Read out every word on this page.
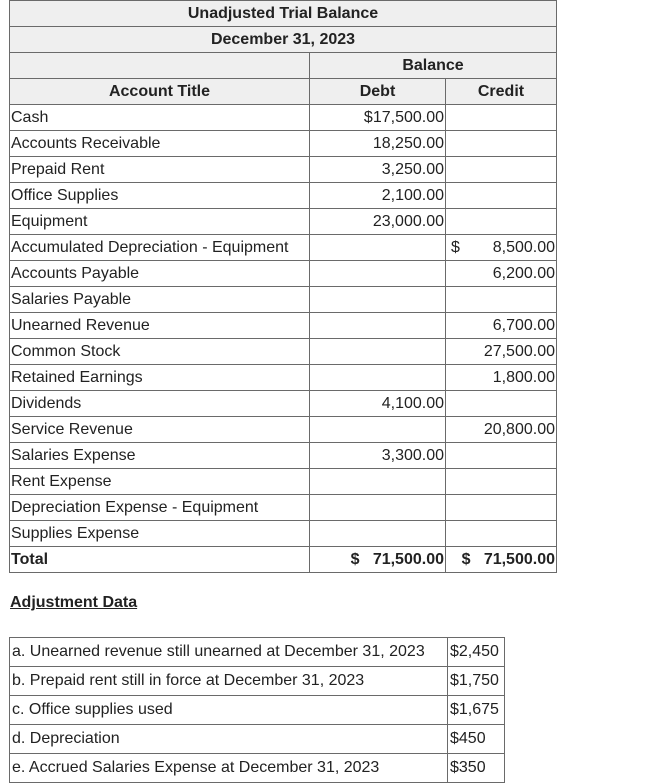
Unadjusted Trial Balance		
December 31, 2023		
	Balance	
Account Title	Debt	Credit
Cash	$17,500.00	

Accounts Receivable	18,250.00	

Prepaid Rent	3,250.00	

Office Supplies	2,100.00	

Equipment	23,000.00	

Accumulated Depreciation - Equipment		$ 8,500.00

Accounts Payable		6,200.00

Salaries Payable		

Unearned Revenue		6,700.00

Common Stock		27,500.00

Retained Earnings		1,800.00

Dividends	4,100.00	

Service Revenue		20,800.00

Salaries Expense	3,300.00	

Rent Expense		

Depreciation Expense - Equipment		

Supplies Expense		

Total	$   71,500.00	$   71,500.00
Adjustment Data
a. Unearned revenue still unearned at December 31, 2023	$2,450
b. Prepaid rent still in force at December 31, 2023	$1,750
c. Office supplies used	$1,675
d. Depreciation	$450
e. Accrued Salaries Expense at December 31, 2023	$350
